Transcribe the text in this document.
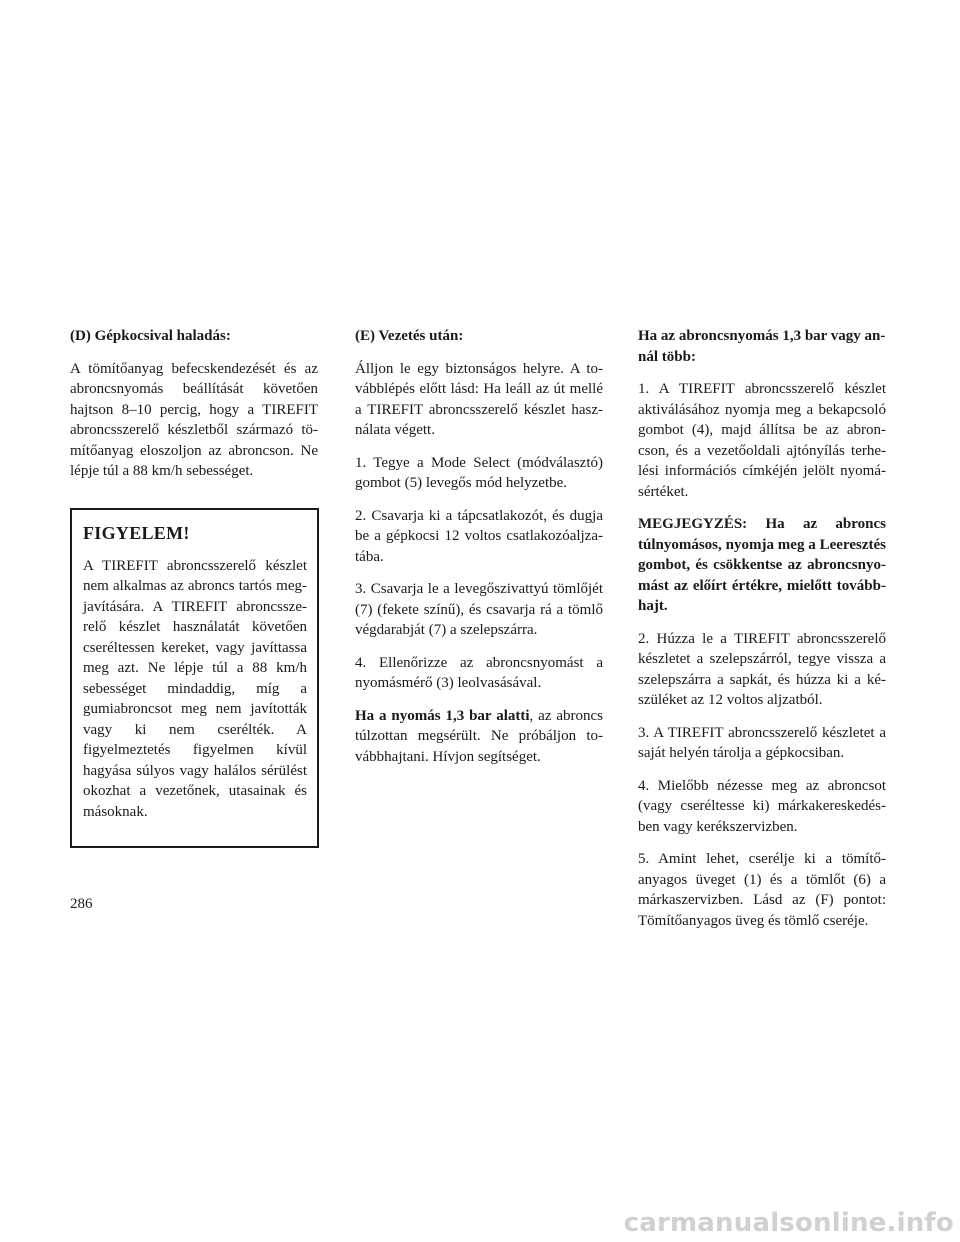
(D) Gépkocsival haladás:

A tömítőanyag befecskendezését és az abroncsnyomás beállítását követően hajtson 8–10 percig, hogy a TIREFIT abroncsszerelő készletből származó tömítőanyag eloszoljon az abroncson. Ne lépje túl a 88 km/h sebességet.

FIGYELEM!

A TIREFIT abroncsszerelő készlet nem alkalmas az abroncs tartós megjavítására. A TIREFIT abroncsszerelő készlet használatát követően cseréltessen kereket, vagy javíttassa meg azt. Ne lépje túl a 88 km/h sebességet mindaddig, míg a gumiabroncsot meg nem javították vagy ki nem cserélték. A figyelmeztetés figyelmen kívül hagyása súlyos vagy halálos sérülést okozhat a vezetőnek, utasainak és másoknak.

(E) Vezetés után:

Álljon le egy biztonságos helyre. A továbblépés előtt lásd: Ha leáll az út mellé a TIREFIT abroncsszerelő készlet használata végett.

1. Tegye a Mode Select (módválasztó) gombot (5) levegős mód helyzetbe.

2. Csavarja ki a tápcsatlakozót, és dugja be a gépkocsi 12 voltos csatlakozóaljzatába.

3. Csavarja le a levegőszivattyú tömlőjét (7) (fekete színű), és csavarja rá a tömlő végdarabját (7) a szelepszárra.

4. Ellenőrizze az abroncsnyomást a nyomásmérő (3) leolvasásával.

Ha a nyomás 1,3 bar alatti, az abroncs túlzottan megsérült. Ne próbáljon továbbhajtani. Hívjon segítséget.

Ha az abroncsnyomás 1,3 bar vagy annál több:

1. A TIREFIT abroncsszerelő készlet aktiválásához nyomja meg a bekapcsoló gombot (4), majd állítsa be az abroncson, és a vezetőoldali ajtónyílás terhelési információs címkéjén jelölt nyomásértéket.

MEGJEGYZÉS: Ha az abroncs túlnyomásos, nyomja meg a Leeresztés gombot, és csökkentse az abroncsnyomást az előírt értékre, mielőtt továbbhajt.

2. Húzza le a TIREFIT abroncsszerelő készletet a szelepszárról, tegye vissza a szelepszárra a sapkát, és húzza ki a készüléket az 12 voltos aljzatból.

3. A TIREFIT abroncsszerelő készletet a saját helyén tárolja a gépkocsiban.

4. Mielőbb nézesse meg az abroncsot (vagy cseréltesse ki) márkakereskedésben vagy kerékszervizben.

5. Amint lehet, cserélje ki a tömítőanyagos üveget (1) és a tömlőt (6) a márkaszervizben. Lásd az (F) pontot: Tömítőanyagos üveg és tömlő cseréje.

286
carmanualsonline.info
